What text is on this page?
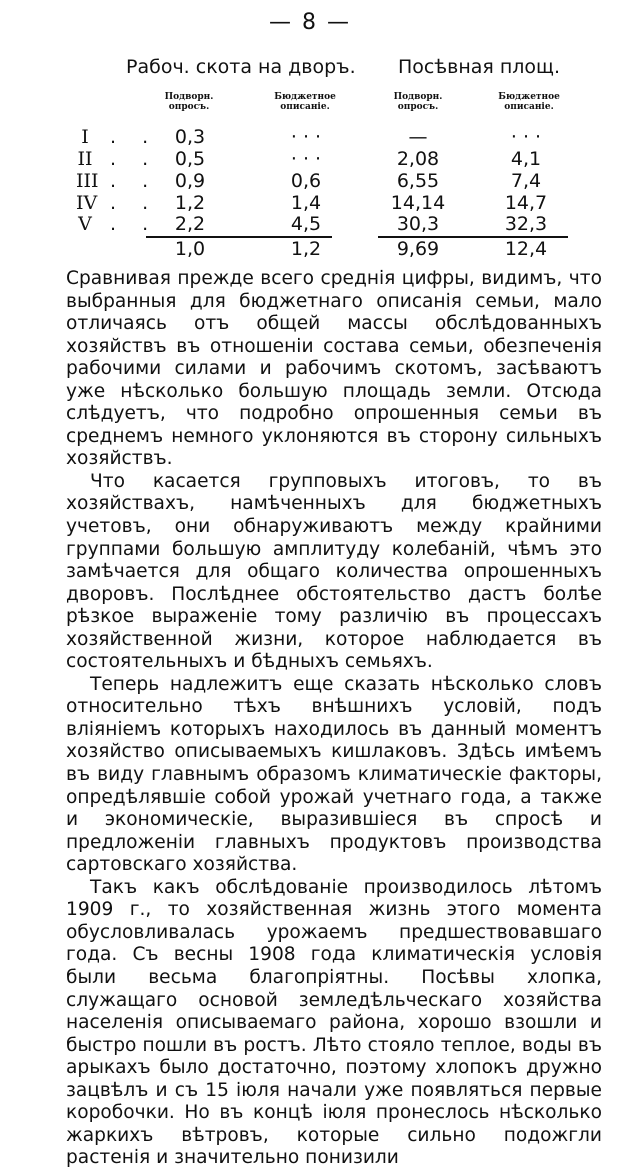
— 8 —
Рабоч. скота на дворъ. Посѣвная площ.
Подворн. опросъ.
Бюджетное описаніе.
Подворн. опросъ.
Бюджетное описаніе.
I . . 0,3	· · ·	—	· · ·
II . . 0,5	· · ·	2,08	4,1
III . . 0,9	0,6	6,55	7,4
IV . . 1,2	1,4	14,14	14,7
V . . 2,2	4,5	30,3	32,3
1,0	1,2	9,69	12,4

Сравнивая прежде всего среднія цифры, видимъ, что выбранныя для бюджетнаго описанія семьи, мало отличаясь отъ общей массы обслѣдованныхъ хозяйствъ въ отношеніи состава семьи, обезпеченія рабочими силами и рабочимъ скотомъ, засѣваютъ уже нѣсколько большую площадь земли. Отсюда слѣдуетъ, что подробно опрошенныя семьи въ среднемъ немного уклоняются въ сторону сильныхъ хозяйствъ.

Что касается групповыхъ итоговъ, то въ хозяйствахъ, намѣченныхъ для бюджетныхъ учетовъ, они обнаруживаютъ между крайними группами большую амплитуду колебаній, чѣмъ это замѣчается для общаго количества опрошенныхъ дворовъ. Послѣднее обстоятельство дастъ болѣе рѣзкое выраженіе тому различію въ процессахъ хозяйственной жизни, которое наблюдается въ состоятельныхъ и бѣдныхъ семьяхъ.

Теперь надлежитъ еще сказать нѣсколько словъ относительно тѣхъ внѣшнихъ условій, подъ вліяніемъ которыхъ находилось въ данный моментъ хозяйство описываемыхъ кишлаковъ. Здѣсь имѣемъ въ виду главнымъ образомъ климатическіе факторы, опредѣлявшіе собой урожай учетнаго года, а также и экономическіе, выразившіеся въ спросѣ и предложеніи главныхъ продуктовъ производства сартовскаго хозяйства.

Такъ какъ обслѣдованіе производилось лѣтомъ 1909 г., то хозяйственная жизнь этого момента обусловливалась урожаемъ предшествовавшаго года. Съ весны 1908 года климатическія условія были весьма благопріятны. Посѣвы хлопка, служащаго основой земледѣльческаго хозяйства населенія описываемаго района, хорошо взошли и быстро пошли въ ростъ. Лѣто стояло теплое, воды въ арыкахъ было достаточно, поэтому хлопокъ дружно зацвѣлъ и съ 15 іюля начали уже появляться первые коробочки. Но въ концѣ іюля пронеслось нѣсколько жаркихъ вѣтровъ, которые сильно подожгли растенія и значительно понизили
